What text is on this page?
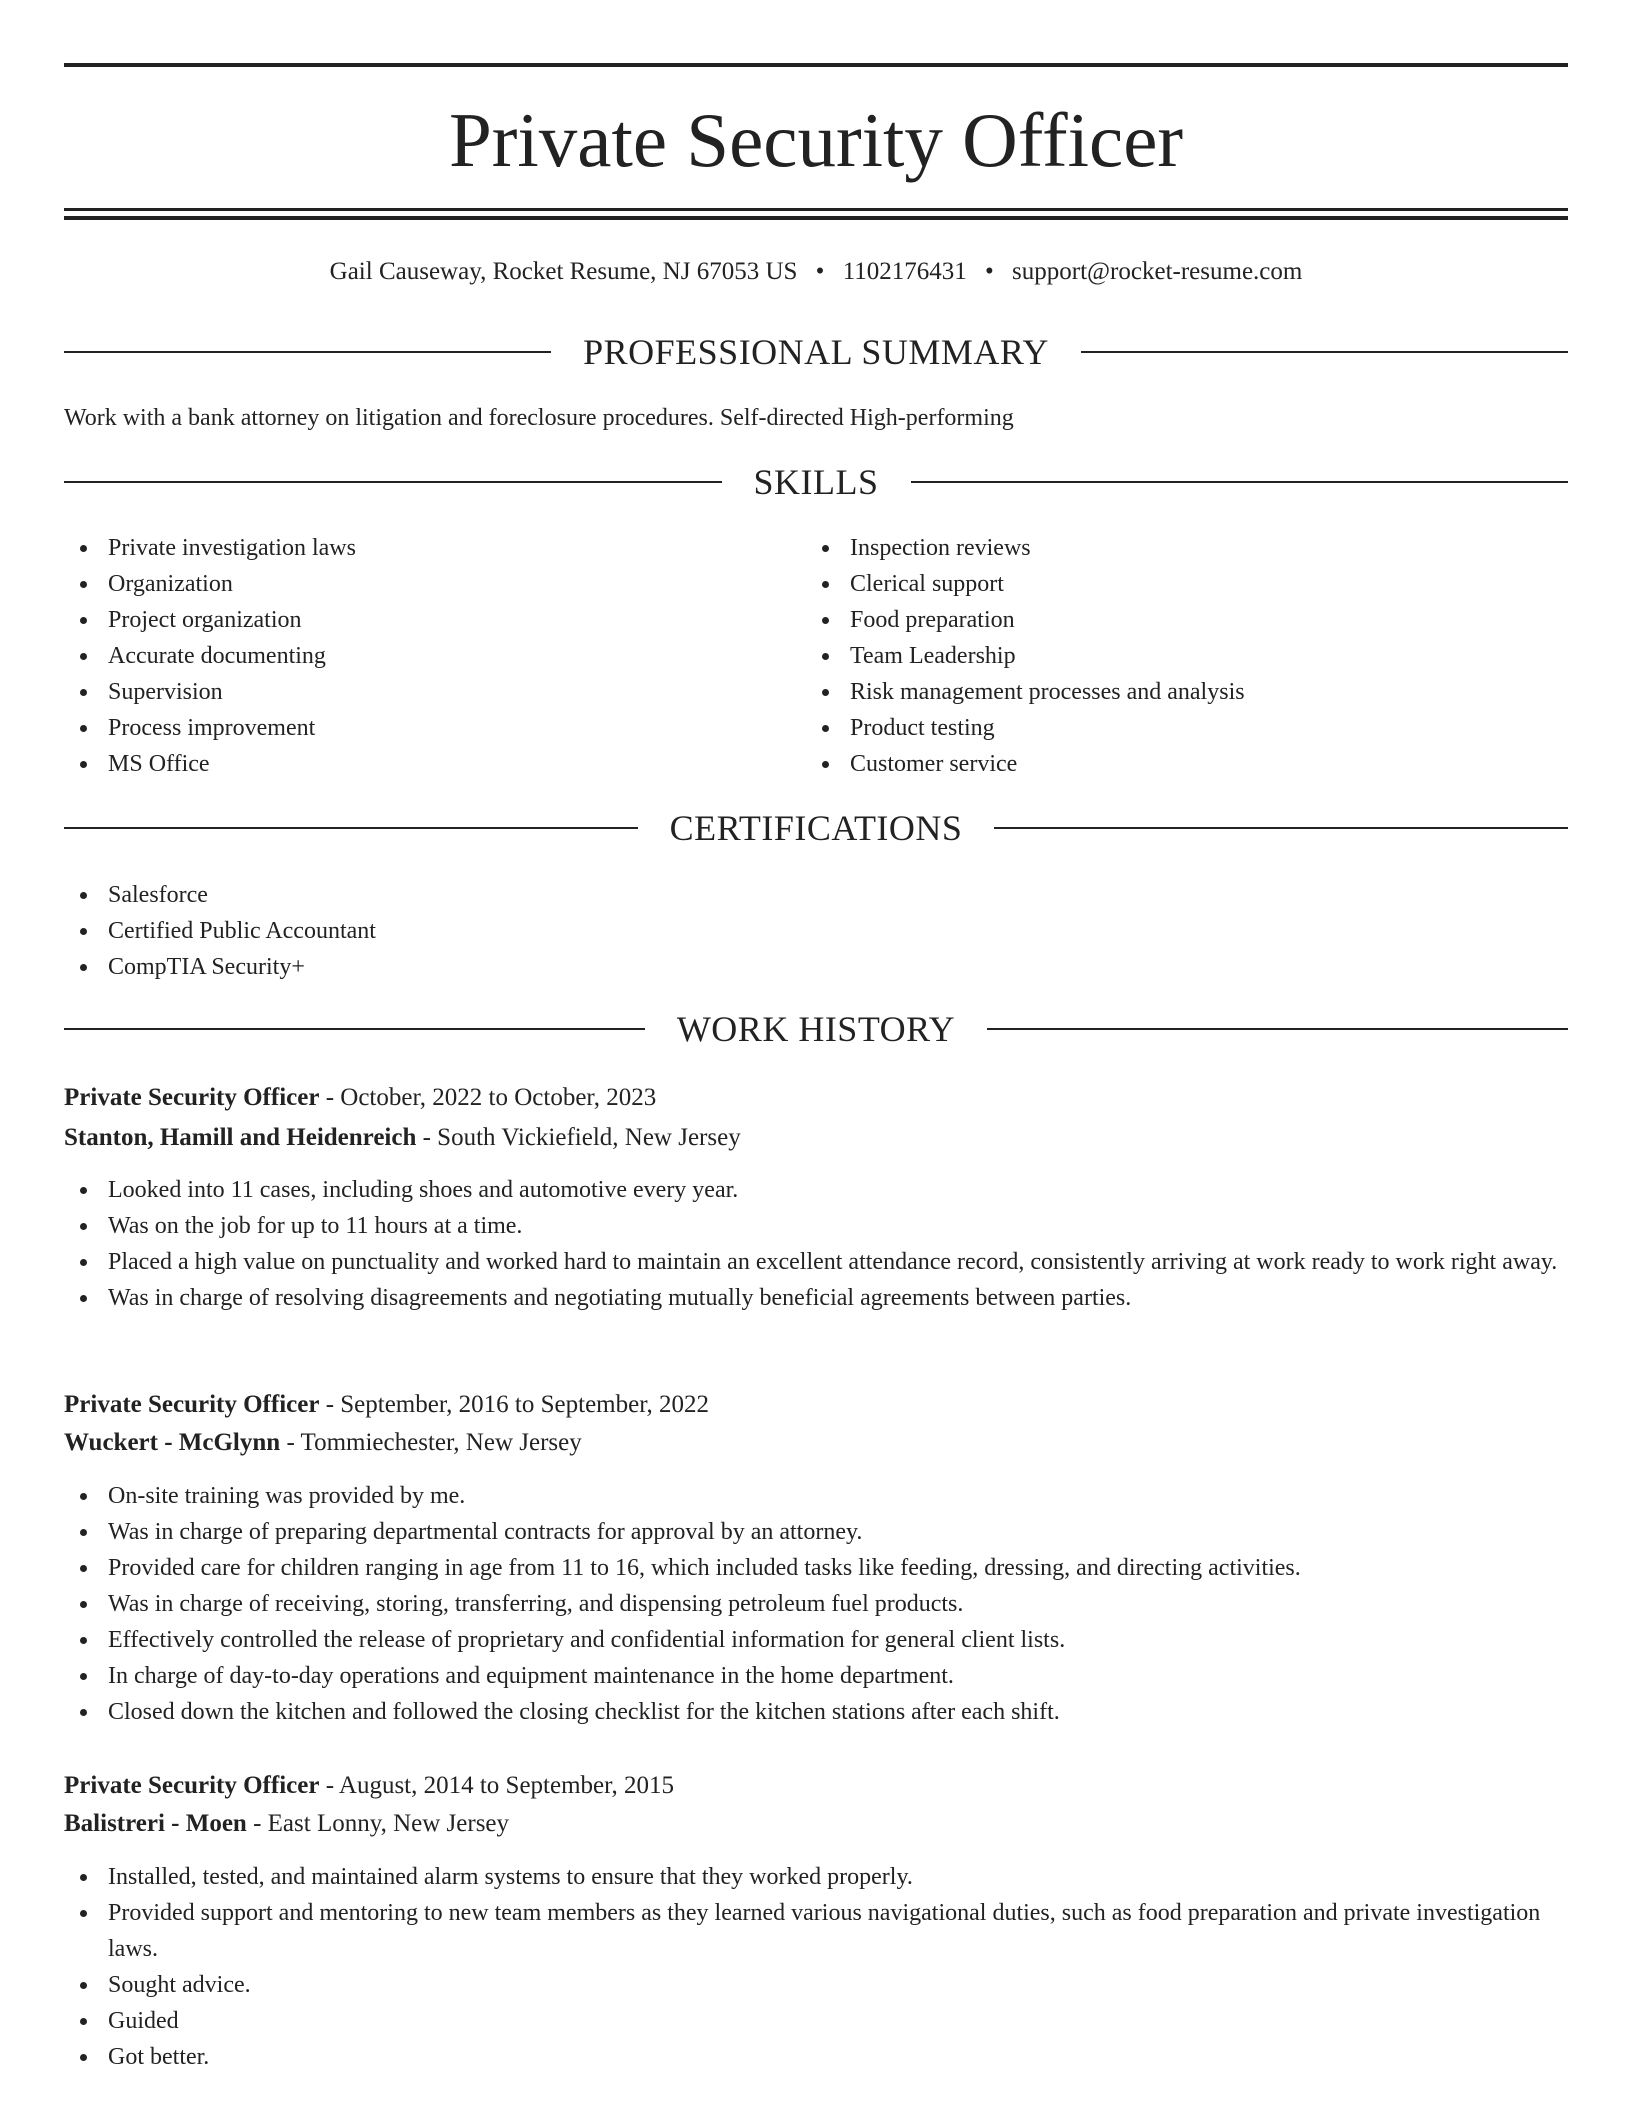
Private Security Officer
Gail Causeway, Rocket Resume, NJ 67053 US • 1102176431 • support@rocket-resume.com
PROFESSIONAL SUMMARY

Work with a bank attorney on litigation and foreclosure procedures. Self-directed High-performing

SKILLS
Private investigation laws
Organization
Project organization
Accurate documenting
Supervision
Process improvement
MS Office
Inspection reviews
Clerical support
Food preparation
Team Leadership
Risk management processes and analysis
Product testing
Customer service
CERTIFICATIONS
Salesforce
Certified Public Accountant
CompTIA Security+
WORK HISTORY
Private Security Officer - October, 2022 to October, 2023
Stanton, Hamill and Heidenreich - South Vickiefield, New Jersey
Looked into 11 cases, including shoes and automotive every year.
Was on the job for up to 11 hours at a time.
Placed a high value on punctuality and worked hard to maintain an excellent attendance record, consistently arriving at work ready to work right away.
Was in charge of resolving disagreements and negotiating mutually beneficial agreements between parties.
Private Security Officer - September, 2016 to September, 2022
Wuckert - McGlynn - Tommiechester, New Jersey
On-site training was provided by me.
Was in charge of preparing departmental contracts for approval by an attorney.
Provided care for children ranging in age from 11 to 16, which included tasks like feeding, dressing, and directing activities.
Was in charge of receiving, storing, transferring, and dispensing petroleum fuel products.
Effectively controlled the release of proprietary and confidential information for general client lists.
In charge of day-to-day operations and equipment maintenance in the home department.
Closed down the kitchen and followed the closing checklist for the kitchen stations after each shift.
Private Security Officer - August, 2014 to September, 2015
Balistreri - Moen - East Lonny, New Jersey
Installed, tested, and maintained alarm systems to ensure that they worked properly.
Provided support and mentoring to new team members as they learned various navigational duties, such as food preparation and private investigation laws.
Sought advice.
Guided
Got better.
